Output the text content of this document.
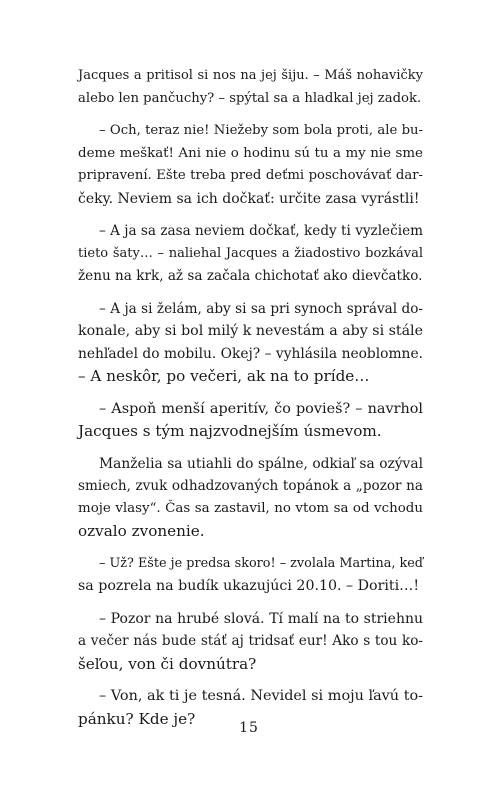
Jacques a pritisol si nos na jej šiju. – Máš nohavičky
alebo len pančuchy? – spýtal sa a hladkal jej zadok.

– Och, teraz nie! Niežeby som bola proti, ale bu-
deme meškať! Ani nie o hodinu sú tu a my nie sme
pripravení. Ešte treba pred deťmi poschovávať dar-
čeky. Neviem sa ich dočkať: určite zasa vyrástli!

– A ja sa zasa neviem dočkať, kedy ti vyzlečiem
tieto šaty… – naliehal Jacques a žiadostivo bozkával
ženu na krk, až sa začala chichotať ako dievčatko.

– A ja si želám, aby si sa pri synoch správal do-
konale, aby si bol milý k nevestám a aby si stále
nehľadel do mobilu. Okej? – vyhlásila neoblomne.
– A neskôr, po večeri, ak na to príde…

– Aspoň menší aperitív, čo povieš? – navrhol
Jacques s tým najzvodnejším úsmevom.

Manželia sa utiahli do spálne, odkiaľ sa ozýval
smiech, zvuk odhadzovaných topánok a „pozor na
moje vlasy“. Čas sa zastavil, no vtom sa od vchodu
ozvalo zvonenie.

– Už? Ešte je predsa skoro! – zvolala Martina, keď
sa pozrela na budík ukazujúci 20.10. – Doriti…!

– Pozor na hrubé slová. Tí malí na to striehnu
a večer nás bude stáť aj tridsať eur! Ako s tou ko-
šeľou, von či dovnútra?

– Von, ak ti je tesná. Nevidel si moju ľavú to-
pánku? Kde je?

15
